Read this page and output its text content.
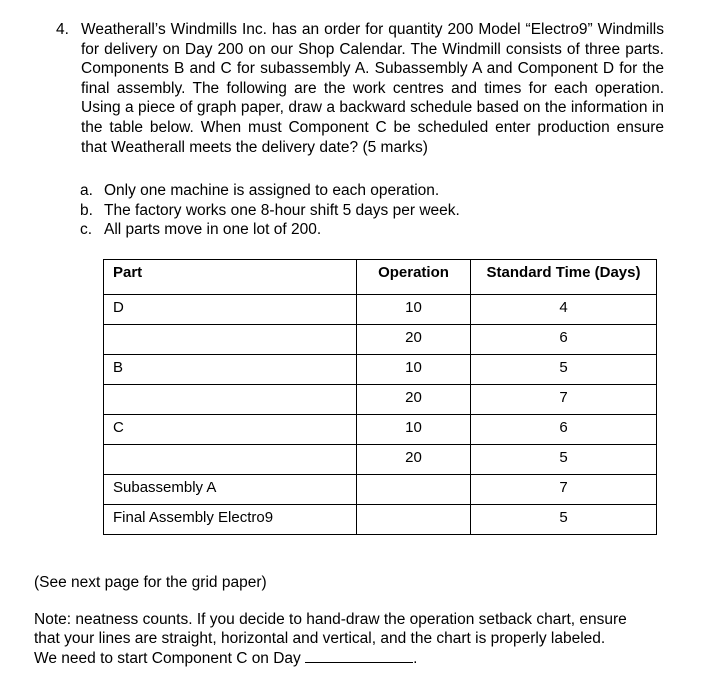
4. Weatherall’s Windmills Inc. has an order for quantity 200 Model “Electro9” Windmills for delivery on Day 200 on our Shop Calendar. The Windmill consists of three parts. Components B and C for subassembly A. Subassembly A and Component D for the final assembly. The following are the work centres and times for each operation. Using a piece of graph paper, draw a backward schedule based on the information in the table below. When must Component C be scheduled enter production ensure that Weatherall meets the delivery date? (5 marks)
a. Only one machine is assigned to each operation.
b. The factory works one 8-hour shift 5 days per week.
c. All parts move in one lot of 200.
Part	Operation	Standard Time (Days)
D	10	4
	20	6
B	10	5
	20	7
C	10	6
	20	5
Subassembly A		7
Final Assembly Electro9		5
(See next page for the grid paper)
Note: neatness counts. If you decide to hand-draw the operation setback chart, ensure
that your lines are straight, horizontal and vertical, and the chart is properly labeled.
We need to start Component C on Day	.
